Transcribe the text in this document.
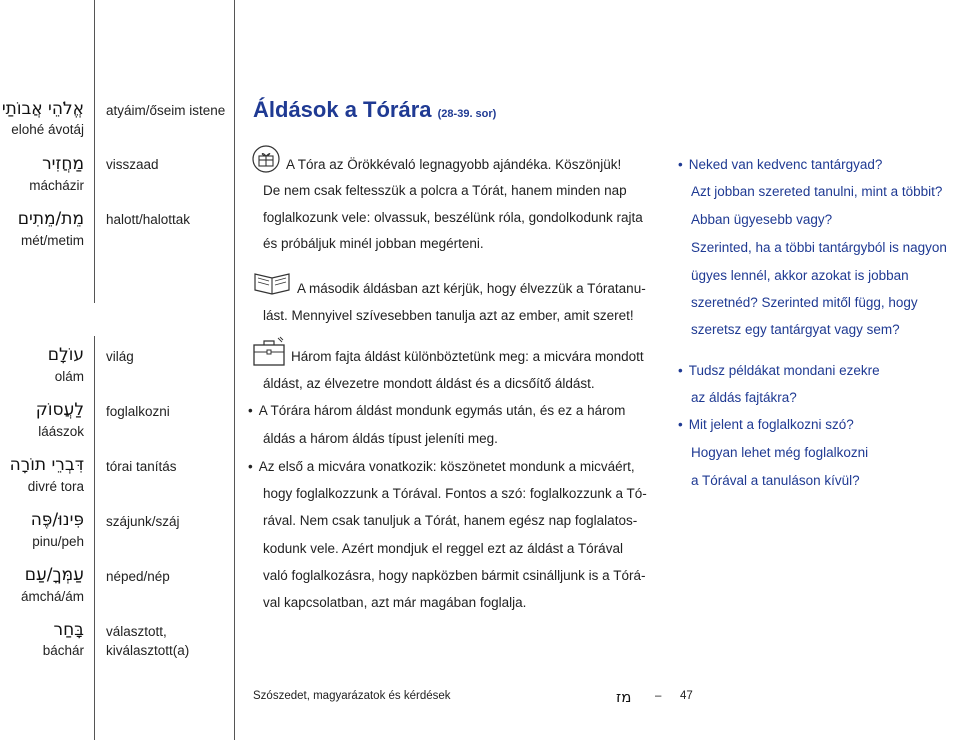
אֱלֹהֵי אֲבוֹתַי
elohé ávotáj
atyáim/őseim istene
מַחֲזִיר
mácházir
visszaad
מֵת/מֵתִים
mét/metim
halott/halottak
עוֹלָם
olám
világ
לַעֲסוֹק
láászok
foglalkozni
דִּבְרֵי תוֹרָה
divré tora
tórai tanítás
פִּינוּ/פֶּה
pinu/peh
szájunk/száj
עַמְּךָ/עַם
ámchá/ám
néped/nép
בָּחַר
báchár
választott,
kiválasztott(a)
Áldások a Tórára (28-39. sor)
A Tóra az Örökkévaló legnagyobb ajándéka. Köszönjük!
De nem csak feltesszük a polcra a Tórát, hanem minden nap
foglalkozunk vele: olvassuk, beszélünk róla, gondolkodunk rajta
és próbáljuk minél jobban megérteni.
A második áldásban azt kérjük, hogy élvezzük a Tóratanu-
lást. Mennyivel szívesebben tanulja azt az ember, amit szeret!
Három fajta áldást különböztetünk meg: a micvára mondott
áldást, az élvezetre mondott áldást és a dicsőítő áldást.
• A Tórára három áldást mondunk egymás után, és ez a három
áldás a három áldás típust jeleníti meg.
• Az első a micvára vonatkozik: köszönetet mondunk a micváért,
hogy foglalkozzunk a Tórával. Fontos a szó: foglalkozzunk a Tó-
rával. Nem csak tanuljuk a Tórát, hanem egész nap foglalatos-
kodunk vele. Azért mondjuk el reggel ezt az áldást a Tórával
való foglalkozásra, hogy napközben bármit csinálljunk is a Tórá-
val kapcsolatban, azt már magában foglalja.
• Neked van kedvenc tantárgyad?
Azt jobban szereted tanulni, mint a többit?
Abban ügyesebb vagy?
Szerinted, ha a többi tantárgyból is nagyon
ügyes lennél, akkor azokat is jobban
szeretnéd? Szerinted mitől függ, hogy
szeretsz egy tantárgyat vagy sem?
• Tudsz példákat mondani ezekre
az áldás fajtákra?
• Mit jelent a foglalkozni szó?
Hogyan lehet még foglalkozni
a Tórával a tanuláson kívül?
Szószedet, magyarázatok és kérdések	מז – 47
